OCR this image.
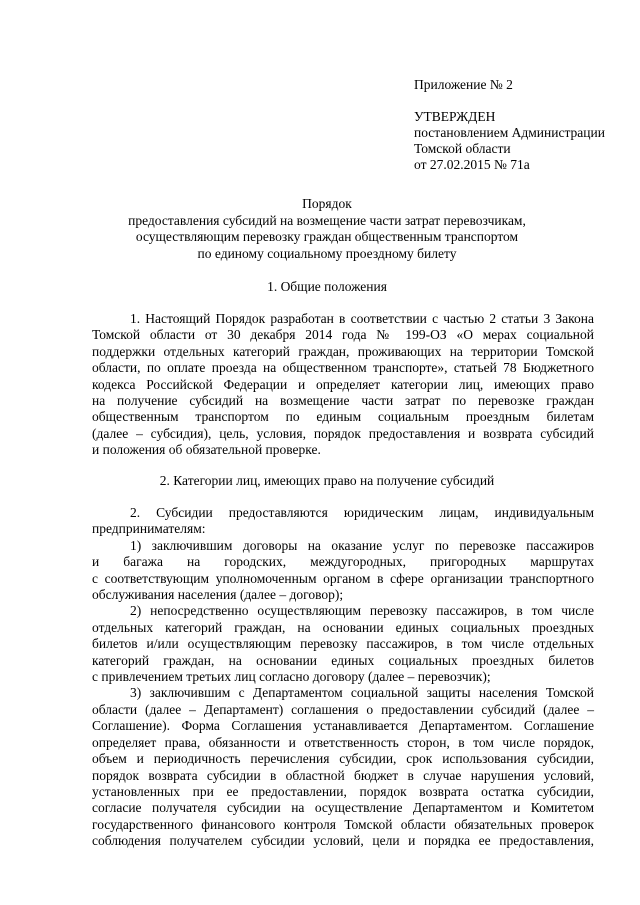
Приложение № 2
УТВЕРЖДЕН
постановлением Администрации
Томской области
от 27.02.2015 № 71а
Порядок
предоставления субсидий на возмещение части затрат перевозчикам,
осуществляющим перевозку граждан общественным транспортом
по единому социальному проездному билету
1. Общие положения
1. Настоящий Порядок разработан в соответствии с частью 2 статьи 3 Закона
Томской области от 30 декабря 2014 года № 199-ОЗ «О мерах социальной
поддержки отдельных категорий граждан, проживающих на территории Томской
области, по оплате проезда на общественном транспорте», статьей 78 Бюджетного
кодекса Российской Федерации и определяет категории лиц, имеющих право
на получение субсидий на возмещение части затрат по перевозке граждан
общественным транспортом по единым социальным проездным билетам
(далее – субсидия), цель, условия, порядок предоставления и возврата субсидий
и положения об обязательной проверке.
2. Категории лиц, имеющих право на получение субсидий
2. Субсидии предоставляются юридическим лицам, индивидуальным
предпринимателям:
1) заключившим договоры на оказание услуг по перевозке пассажиров
и багажа на городских, междугородных, пригородных маршрутах
с соответствующим уполномоченным органом в сфере организации транспортного
обслуживания населения (далее – договор);
2) непосредственно осуществляющим перевозку пассажиров, в том числе
отдельных категорий граждан, на основании единых социальных проездных
билетов и/или осуществляющим перевозку пассажиров, в том числе отдельных
категорий граждан, на основании единых социальных проездных билетов
с привлечением третьих лиц согласно договору (далее – перевозчик);
3) заключившим с Департаментом социальной защиты населения Томской
области (далее – Департамент) соглашения о предоставлении субсидий (далее –
Соглашение). Форма Соглашения устанавливается Департаментом. Соглашение
определяет права, обязанности и ответственность сторон, в том числе порядок,
объем и периодичность перечисления субсидии, срок использования субсидии,
порядок возврата субсидии в областной бюджет в случае нарушения условий,
установленных при ее предоставлении, порядок возврата остатка субсидии,
согласие получателя субсидии на осуществление Департаментом и Комитетом
государственного финансового контроля Томской области обязательных проверок
соблюдения получателем субсидии условий, цели и порядка ее предоставления,
